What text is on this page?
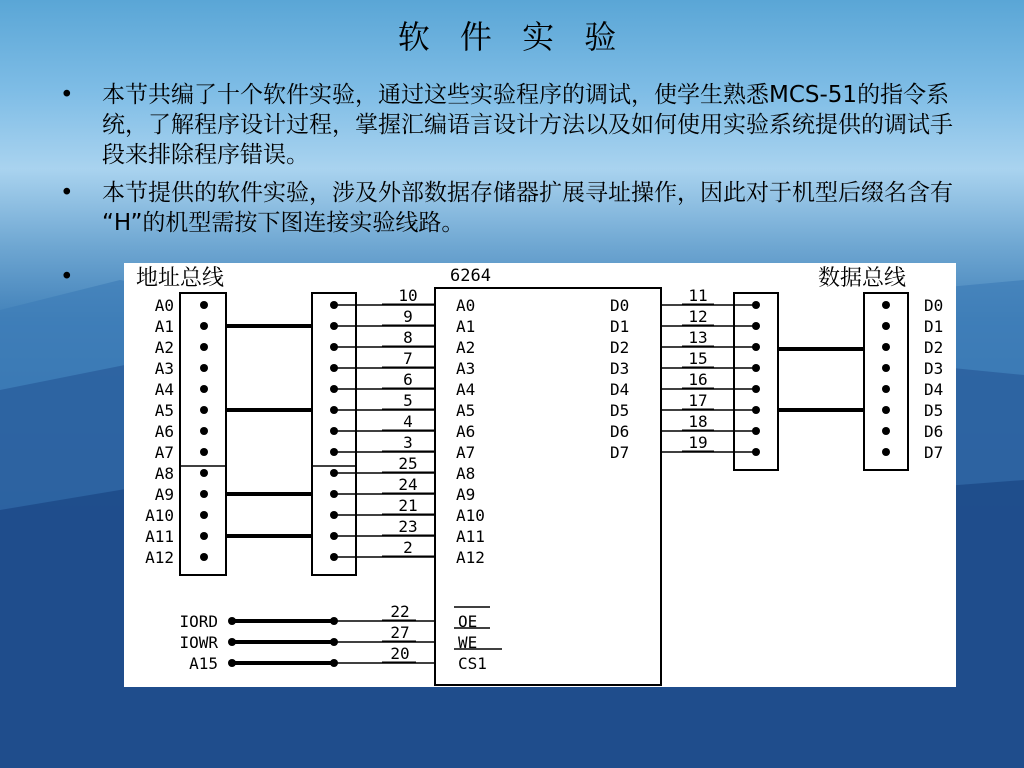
软 件 实 验
• 本节共编了十个软件实验，通过这些实验程序的调试，使学生熟悉MCS-51的指令系统，了解程序设计过程，掌握汇编语言设计方法以及如何使用实验系统提供的调试手段来排除程序错误。
• 本节提供的软件实验，涉及外部数据存储器扩展寻址操作，因此对于机型后缀名含有 “H”的机型需按下图连接实验线路。
•	地址总线	6264	数据总线
A0
10
A0
A1
9
A1
A2
8
A2
A3
7
A3
A4
6
A4
A5
5
A5
A6
4
A6
A7
3
A7
A8
25
A8
A9
24
A9
A10
21
A10
A11
23
A11
A12
2
A12
D0
11
D0
D1
12
D1
D2
13
D2
D3
15
D3
D4
16
D4
D5
17
D5
D6
18
D6
D7
19
D7
IORD
22
OE
IOWR
27
WE
A15
20
CS1
